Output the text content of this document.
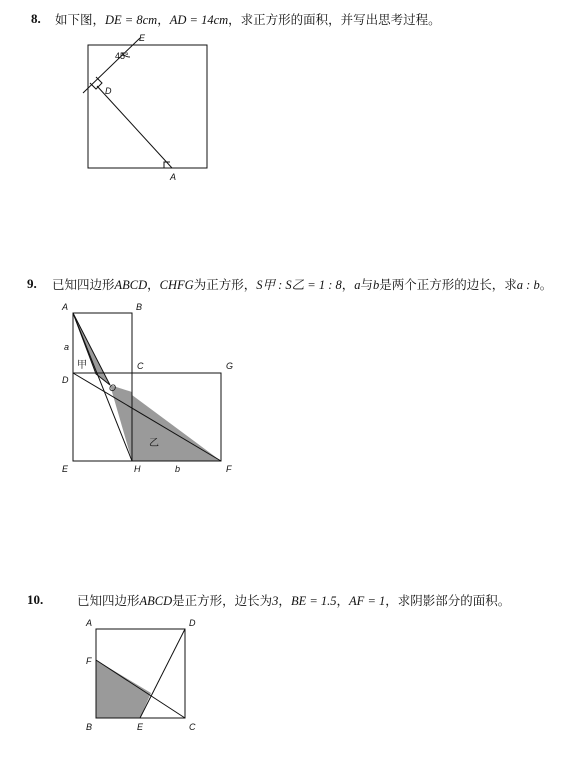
8. 如下图，DE = 8cm，AD = 14cm，求正方形的面积，并写出思考过程。
9. 已知四边形ABCD，CHFG为正方形，S甲 : S乙 = 1 : 8，a与b是两个正方形的边长，求a : b。
10.	已知四边形ABCD是正方形，边长为3，BE = 1.5，AF = 1，求阴影部分的面积。
E
45°
D
A
A	B
a
C	G
D
O
甲
乙
E	H	b	F
A	D
F
B	E	C
